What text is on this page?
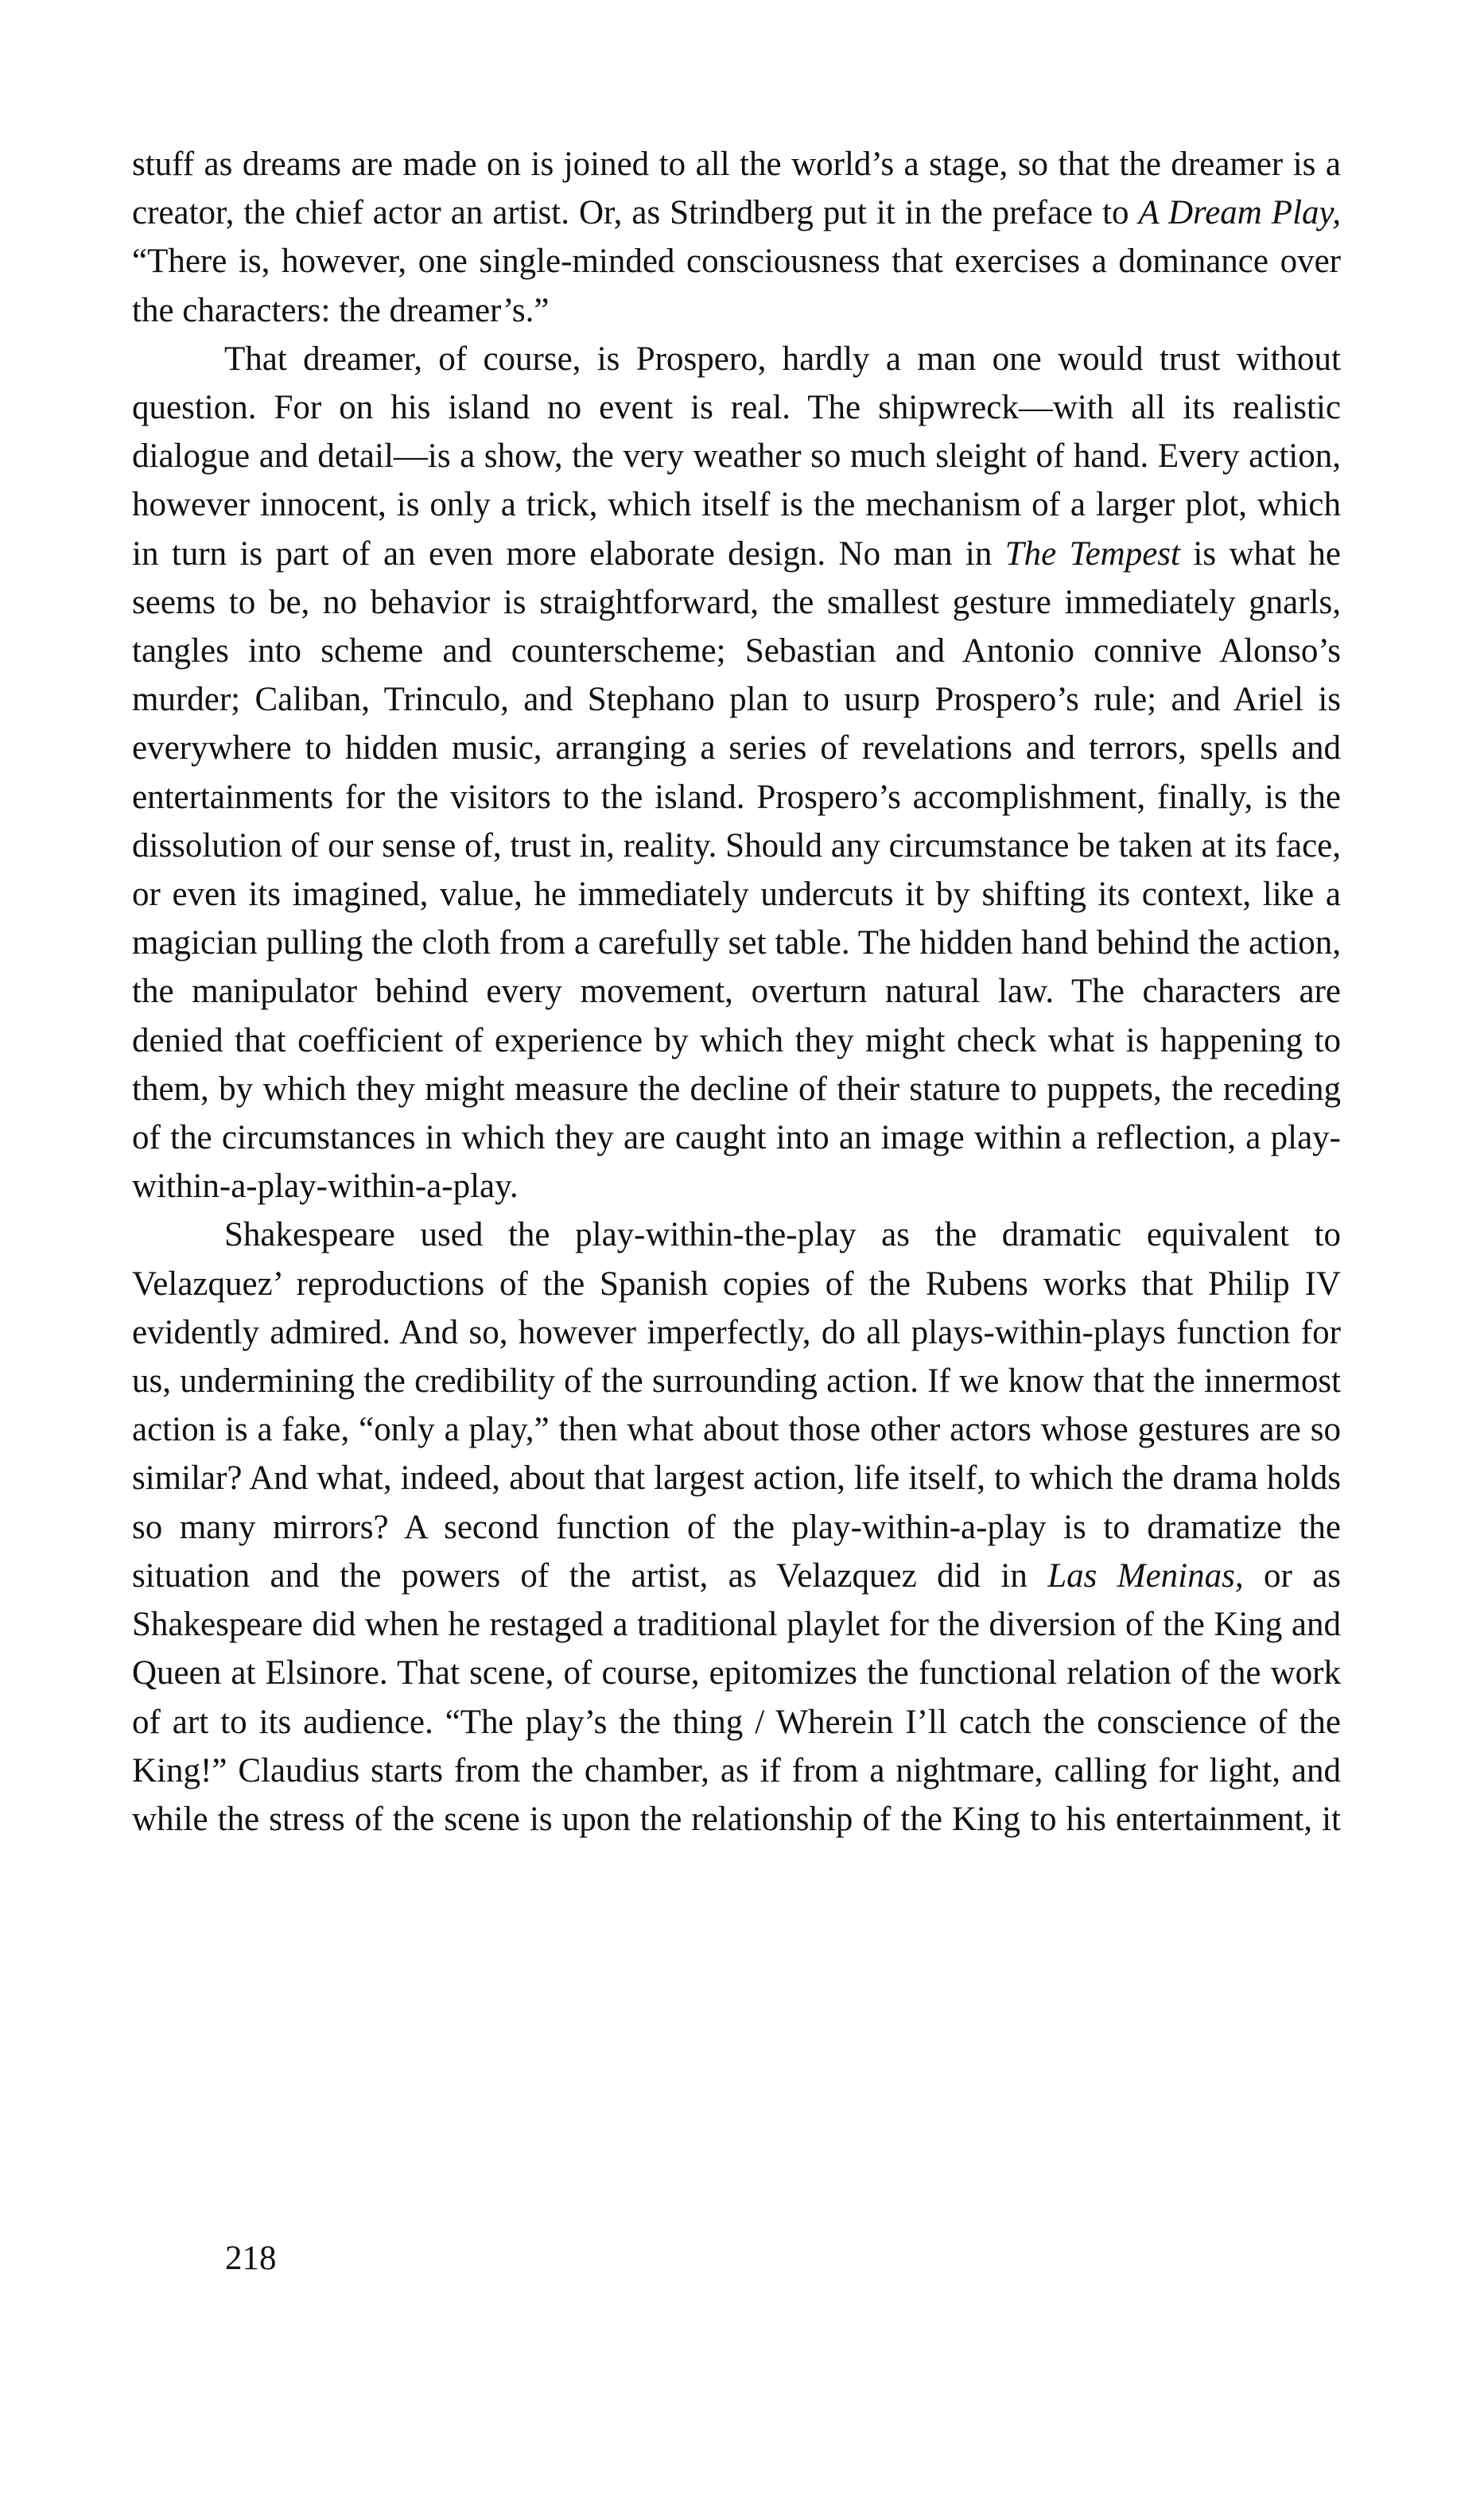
stuff as dreams are made on is joined to all the world’s a stage, so that the dreamer is a creator, the chief actor an artist. Or, as Strindberg put it in the preface to A Dream Play, “There is, however, one single-minded consciousness that exercises a dominance over the characters: the dreamer’s.”

That dreamer, of course, is Prospero, hardly a man one would trust without question. For on his island no event is real. The shipwreck—with all its realistic dialogue and detail—is a show, the very weather so much sleight of hand. Every action, however innocent, is only a trick, which itself is the mechanism of a larger plot, which in turn is part of an even more elaborate design. No man in The Tempest is what he seems to be, no behavior is straightforward, the smallest gesture immediately gnarls, tangles into scheme and counterscheme; Sebastian and Antonio connive Alonso’s murder; Caliban, Trinculo, and Stephano plan to usurp Prospero’s rule; and Ariel is everywhere to hidden music, arranging a series of revelations and terrors, spells and entertainments for the visitors to the island. Prospero’s accomplishment, finally, is the dissolution of our sense of, trust in, reality. Should any circumstance be taken at its face, or even its imagined, value, he immediately undercuts it by shifting its context, like a magician pulling the cloth from a carefully set table. The hidden hand behind the action, the manipulator behind every movement, overturn natural law. The characters are denied that coefficient of experience by which they might check what is happening to them, by which they might measure the decline of their stature to puppets, the receding of the circumstances in which they are caught into an image within a reflection, a play-within-a-play-within-a-play.

Shakespeare used the play-within-the-play as the dramatic equivalent to Velazquez’ reproductions of the Spanish copies of the Rubens works that Philip IV evidently admired. And so, however imperfectly, do all plays-within-plays function for us, undermining the credibility of the surrounding action. If we know that the innermost action is a fake, “only a play,” then what about those other actors whose gestures are so similar? And what, indeed, about that largest action, life itself, to which the drama holds so many mirrors? A second function of the play-within-a-play is to dramatize the situation and the powers of the artist, as Velazquez did in Las Meninas, or as Shakespeare did when he restaged a traditional playlet for the diversion of the King and Queen at Elsinore. That scene, of course, epitomizes the functional relation of the work of art to its audience. “The play’s the thing / Wherein I’ll catch the conscience of the King!” Claudius starts from the chamber, as if from a nightmare, calling for light, and while the stress of the scene is upon the relationship of the King to his entertainment, it

218
